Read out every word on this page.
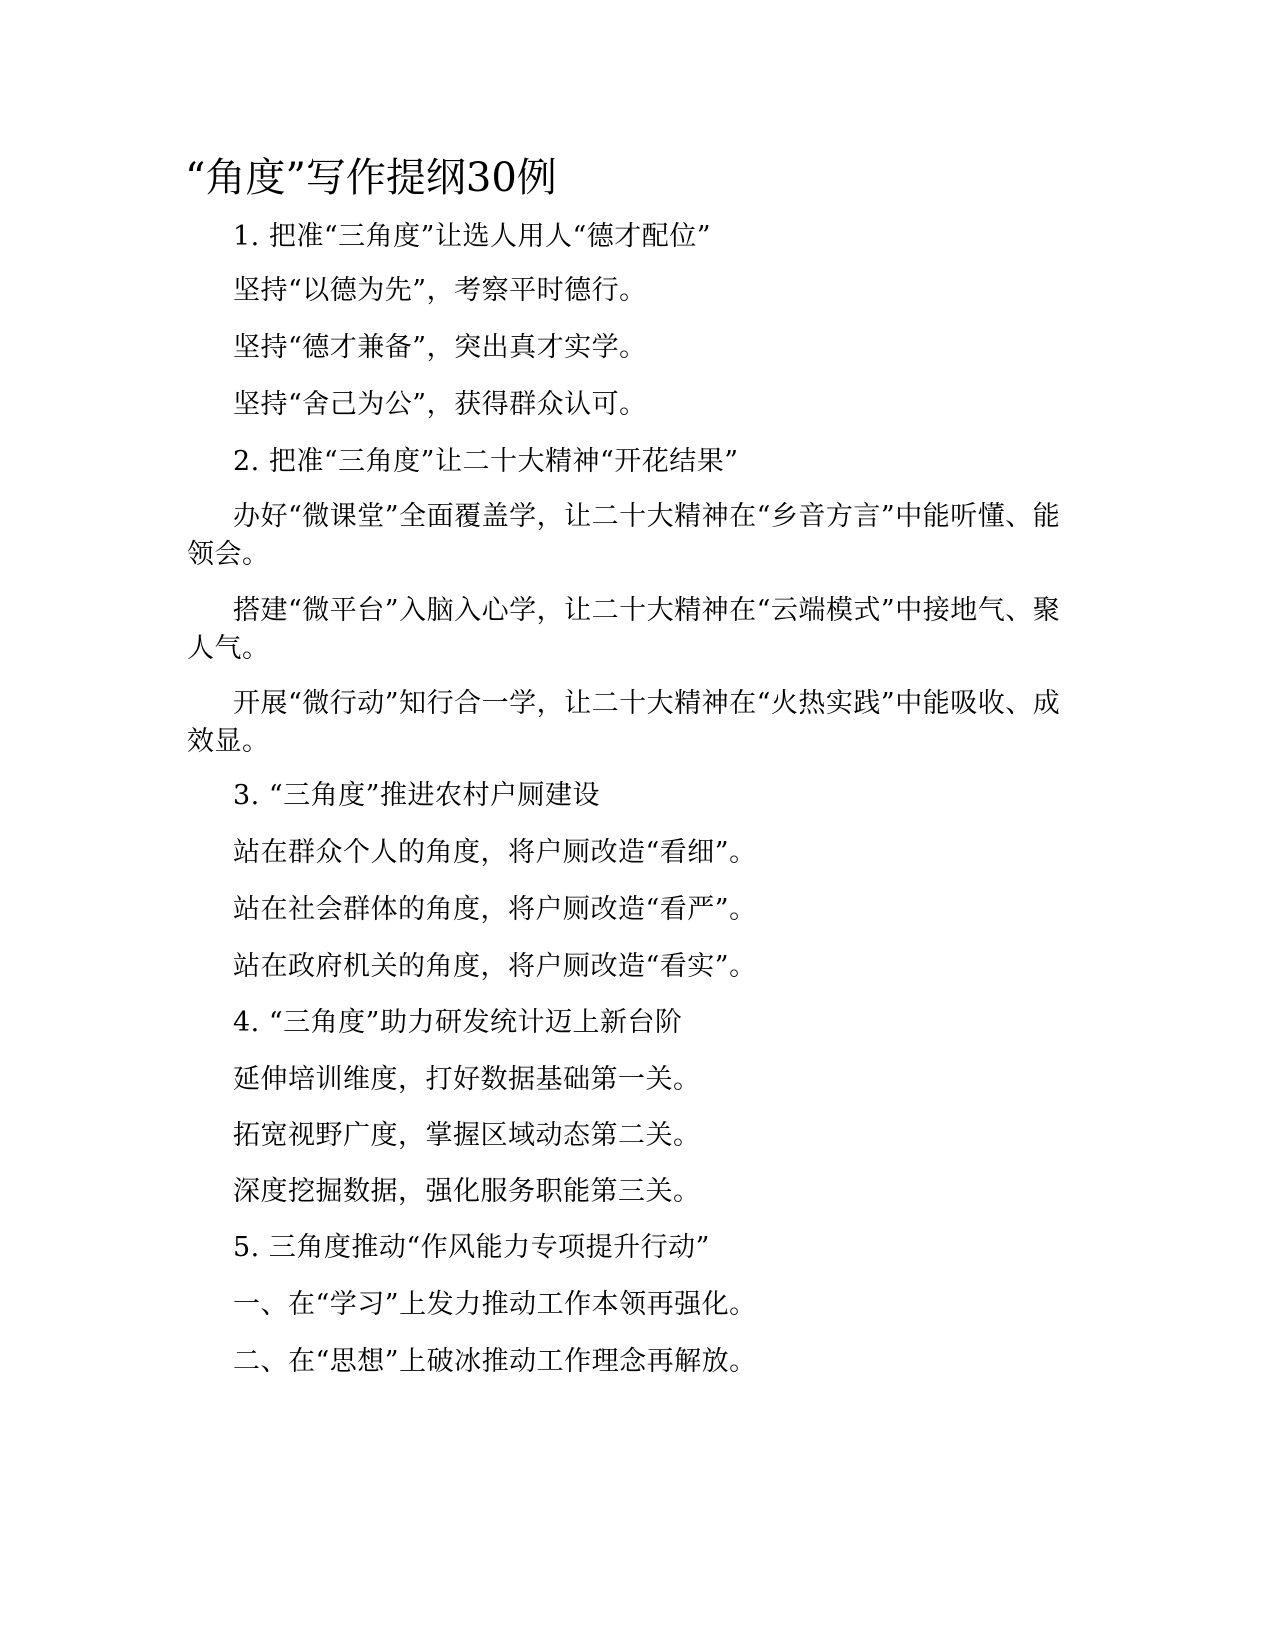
“角度”写作提纲30例

1. 把准“三角度”让选人用人“德才配位”

坚持“以德为先”，考察平时德行。

坚持“德才兼备”，突出真才实学。

坚持“舍己为公”，获得群众认可。

2. 把准“三角度”让二十大精神“开花结果”

办好“微课堂”全面覆盖学，让二十大精神在“乡音方言”中能听懂、能领会。

搭建“微平台”入脑入心学，让二十大精神在“云端模式”中接地气、聚人气。

开展“微行动”知行合一学，让二十大精神在“火热实践”中能吸收、成效显。

3. “三角度”推进农村户厕建设

站在群众个人的角度，将户厕改造“看细”。

站在社会群体的角度，将户厕改造“看严”。

站在政府机关的角度，将户厕改造“看实”。

4. “三角度”助力研发统计迈上新台阶

延伸培训维度，打好数据基础第一关。

拓宽视野广度，掌握区域动态第二关。

深度挖掘数据，强化服务职能第三关。

5. 三角度推动“作风能力专项提升行动”

一、在“学习”上发力推动工作本领再强化。

二、在“思想”上破冰推动工作理念再解放。
